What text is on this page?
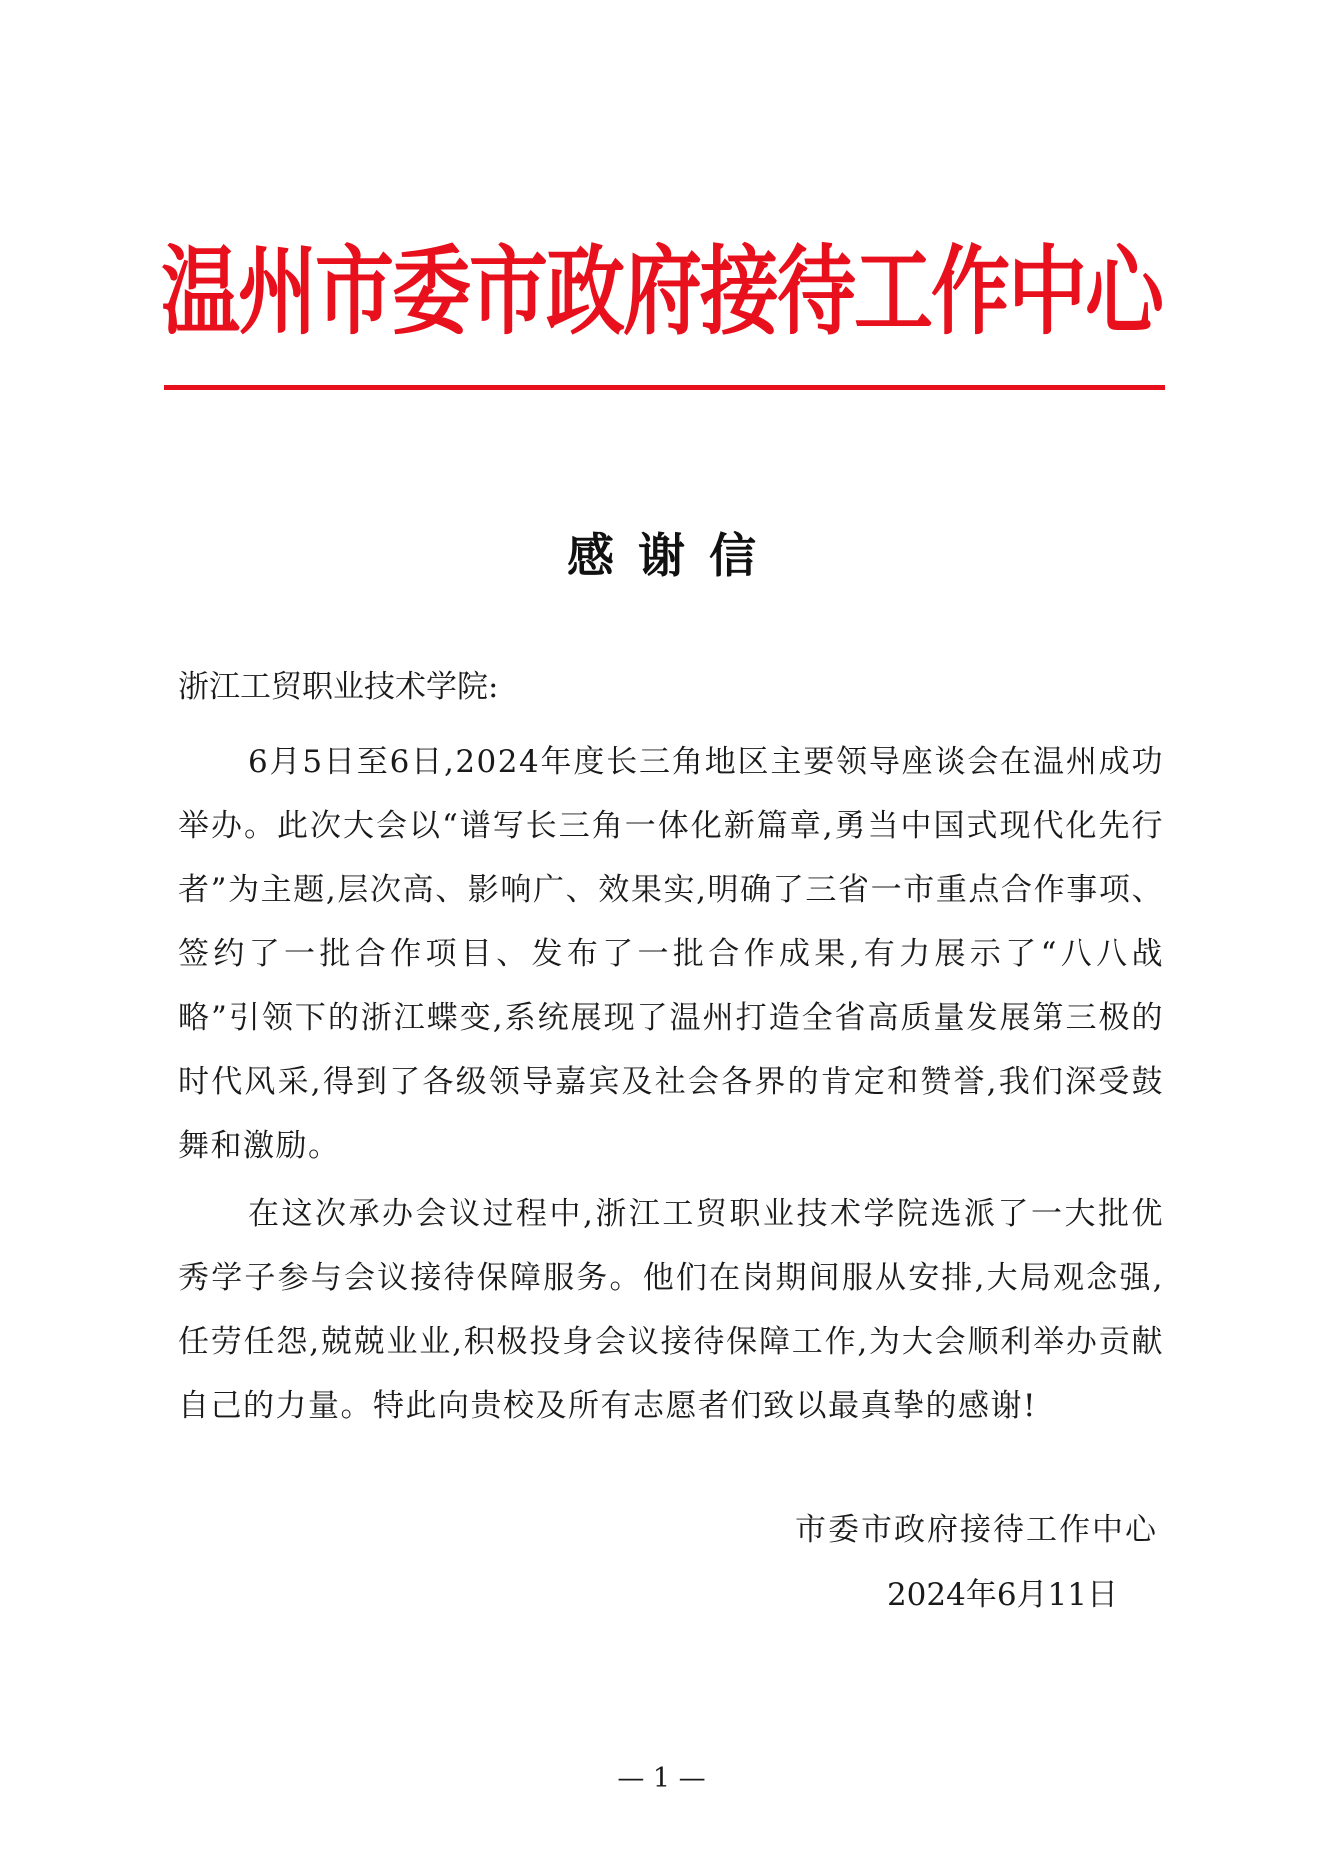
温州市委市政府接待工作中心
感谢信
浙江工贸职业技术学院:

6月5日至6日,2024年度长三角地区主要领导座谈会在温州成功举办。此次大会以“谱写长三角一体化新篇章,勇当中国式现代化先行者”为主题,层次高、影响广、效果实,明确了三省一市重点合作事项、签约了一批合作项目、发布了一批合作成果,有力展示了“八八战略”引领下的浙江蝶变,系统展现了温州打造全省高质量发展第三极的时代风采,得到了各级领导嘉宾及社会各界的肯定和赞誉,我们深受鼓舞和激励。

在这次承办会议过程中,浙江工贸职业技术学院选派了一大批优秀学子参与会议接待保障服务。他们在岗期间服从安排,大局观念强,任劳任怨,兢兢业业,积极投身会议接待保障工作,为大会顺利举办贡献自己的力量。特此向贵校及所有志愿者们致以最真挚的感谢!

市委市政府接待工作中心
2024年6月11日
— 1 —
